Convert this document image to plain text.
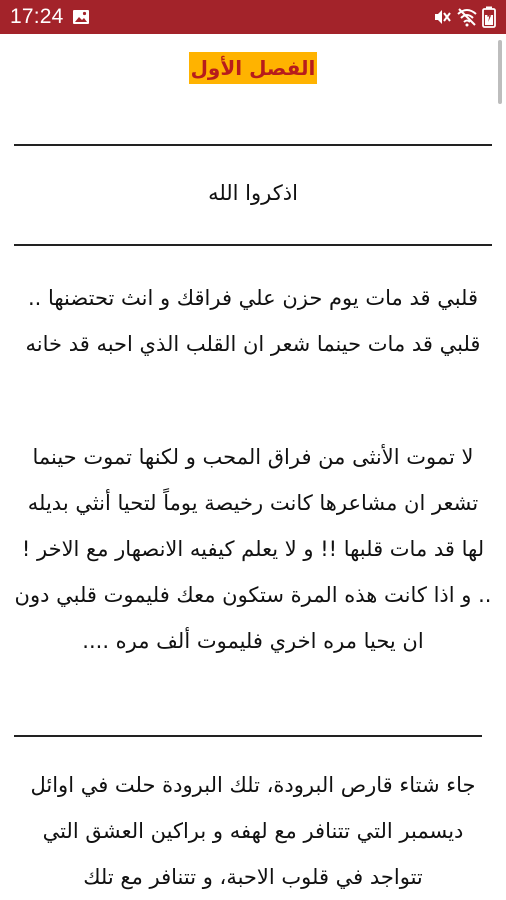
17:24
الفصل الأول
اذكروا الله

قلبي قد مات يوم حزن علي فراقك و انث تحتضنها .. قلبي قد مات حينما شعر ان القلب الذي احبه قد خانه

لا تموت الأنثى من فراق المحب و لكنها تموت حينما تشعر ان مشاعرها كانت رخيصة يوماً لتحيا أنثي بديله لها قد مات قلبها !! و لا يعلم كيفيه الانصهار مع الاخر ! .. و اذا كانت هذه المرة ستكون معك فليموت قلبي دون ان يحيا مره اخري فليموت ألف مره ....

جاء شتاء قارص البرودة، تلك البرودة حلت في اوائل ديسمبر التي تتنافر مع لهفه و براكين العشق التي تتواجد في قلوب الاحبة، و تتنافر مع تلك
